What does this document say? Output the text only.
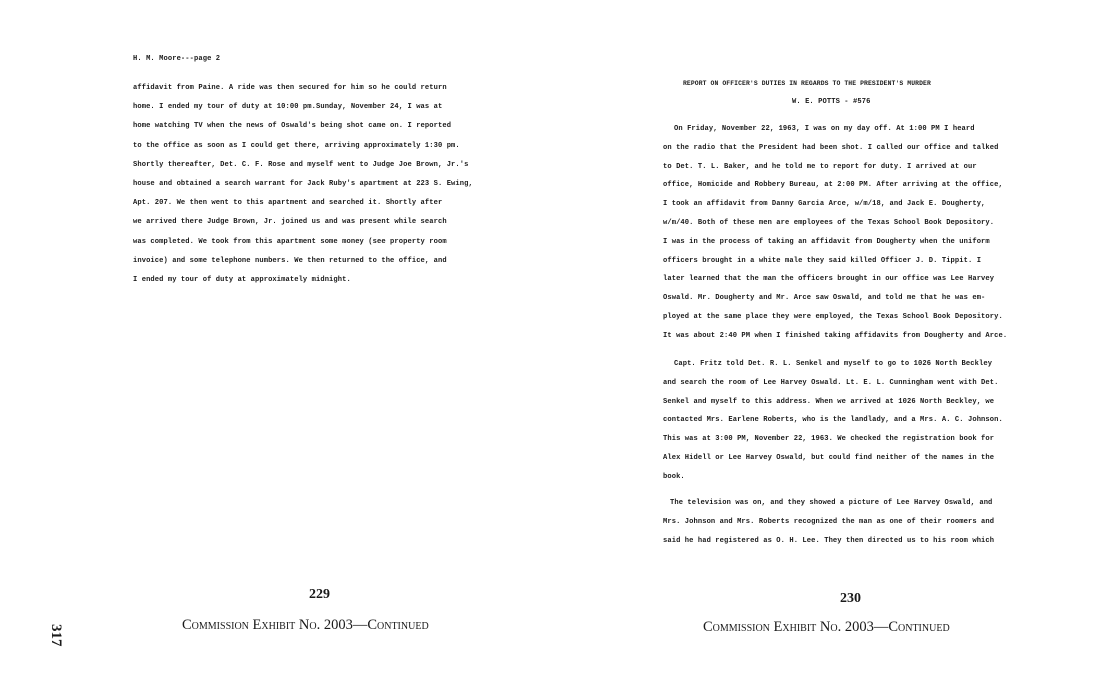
H. M. Moore---page 2
affidavit from Paine. A ride was then secured for him so he could return
home. I ended my tour of duty at 10:00 pm.Sunday, November 24, I was at
home watching TV when the news of Oswald's being shot came on. I reported
to the office as soon as I could get there, arriving approximately 1:30 pm.
Shortly thereafter, Det. C. F. Rose and myself went to Judge Joe Brown, Jr.'s
house and obtained a search warrant for Jack Ruby's apartment at 223 S. Ewing,
Apt. 207. We then went to this apartment and searched it. Shortly after
we arrived there Judge Brown, Jr. joined us and was present while search
was completed. We took from this apartment some money (see property room
invoice) and some telephone numbers. We then returned to the office, and
I ended my tour of duty at approximately midnight.
229
Commission Exhibit No. 2003—Continued
REPORT ON OFFICER'S DUTIES IN REGARDS TO THE PRESIDENT'S MURDER
W. E. POTTS - #576
On Friday, November 22, 1963, I was on my day off. At 1:00 PM I heard
on the radio that the President had been shot. I called our office and talked
to Det. T. L. Baker, and he told me to report for duty. I arrived at our
office, Homicide and Robbery Bureau, at 2:00 PM. After arriving at the office,
I took an affidavit from Danny Garcia Arce, w/m/18, and Jack E. Dougherty,
w/m/40. Both of these men are employees of the Texas School Book Depository.
I was in the process of taking an affidavit from Dougherty when the uniform
officers brought in a white male they said killed Officer J. D. Tippit. I
later learned that the man the officers brought in our office was Lee Harvey
Oswald. Mr. Dougherty and Mr. Arce saw Oswald, and told me that he was em-
ployed at the same place they were employed, the Texas School Book Depository.
It was about 2:40 PM when I finished taking affidavits from Dougherty and Arce.
Capt. Fritz told Det. R. L. Senkel and myself to go to 1026 North Beckley
and search the room of Lee Harvey Oswald. Lt. E. L. Cunningham went with Det.
Senkel and myself to this address. When we arrived at 1026 North Beckley, we
contacted Mrs. Earlene Roberts, who is the landlady, and a Mrs. A. C. Johnson.
This was at 3:00 PM, November 22, 1963. We checked the registration book for
Alex Hidell or Lee Harvey Oswald, but could find neither of the names in the
book.
The television was on, and they showed a picture of Lee Harvey Oswald, and
Mrs. Johnson and Mrs. Roberts recognized the man as one of their roomers and
said he had registered as O. H. Lee. They then directed us to his room which
230
Commission Exhibit No. 2003—Continued
317
